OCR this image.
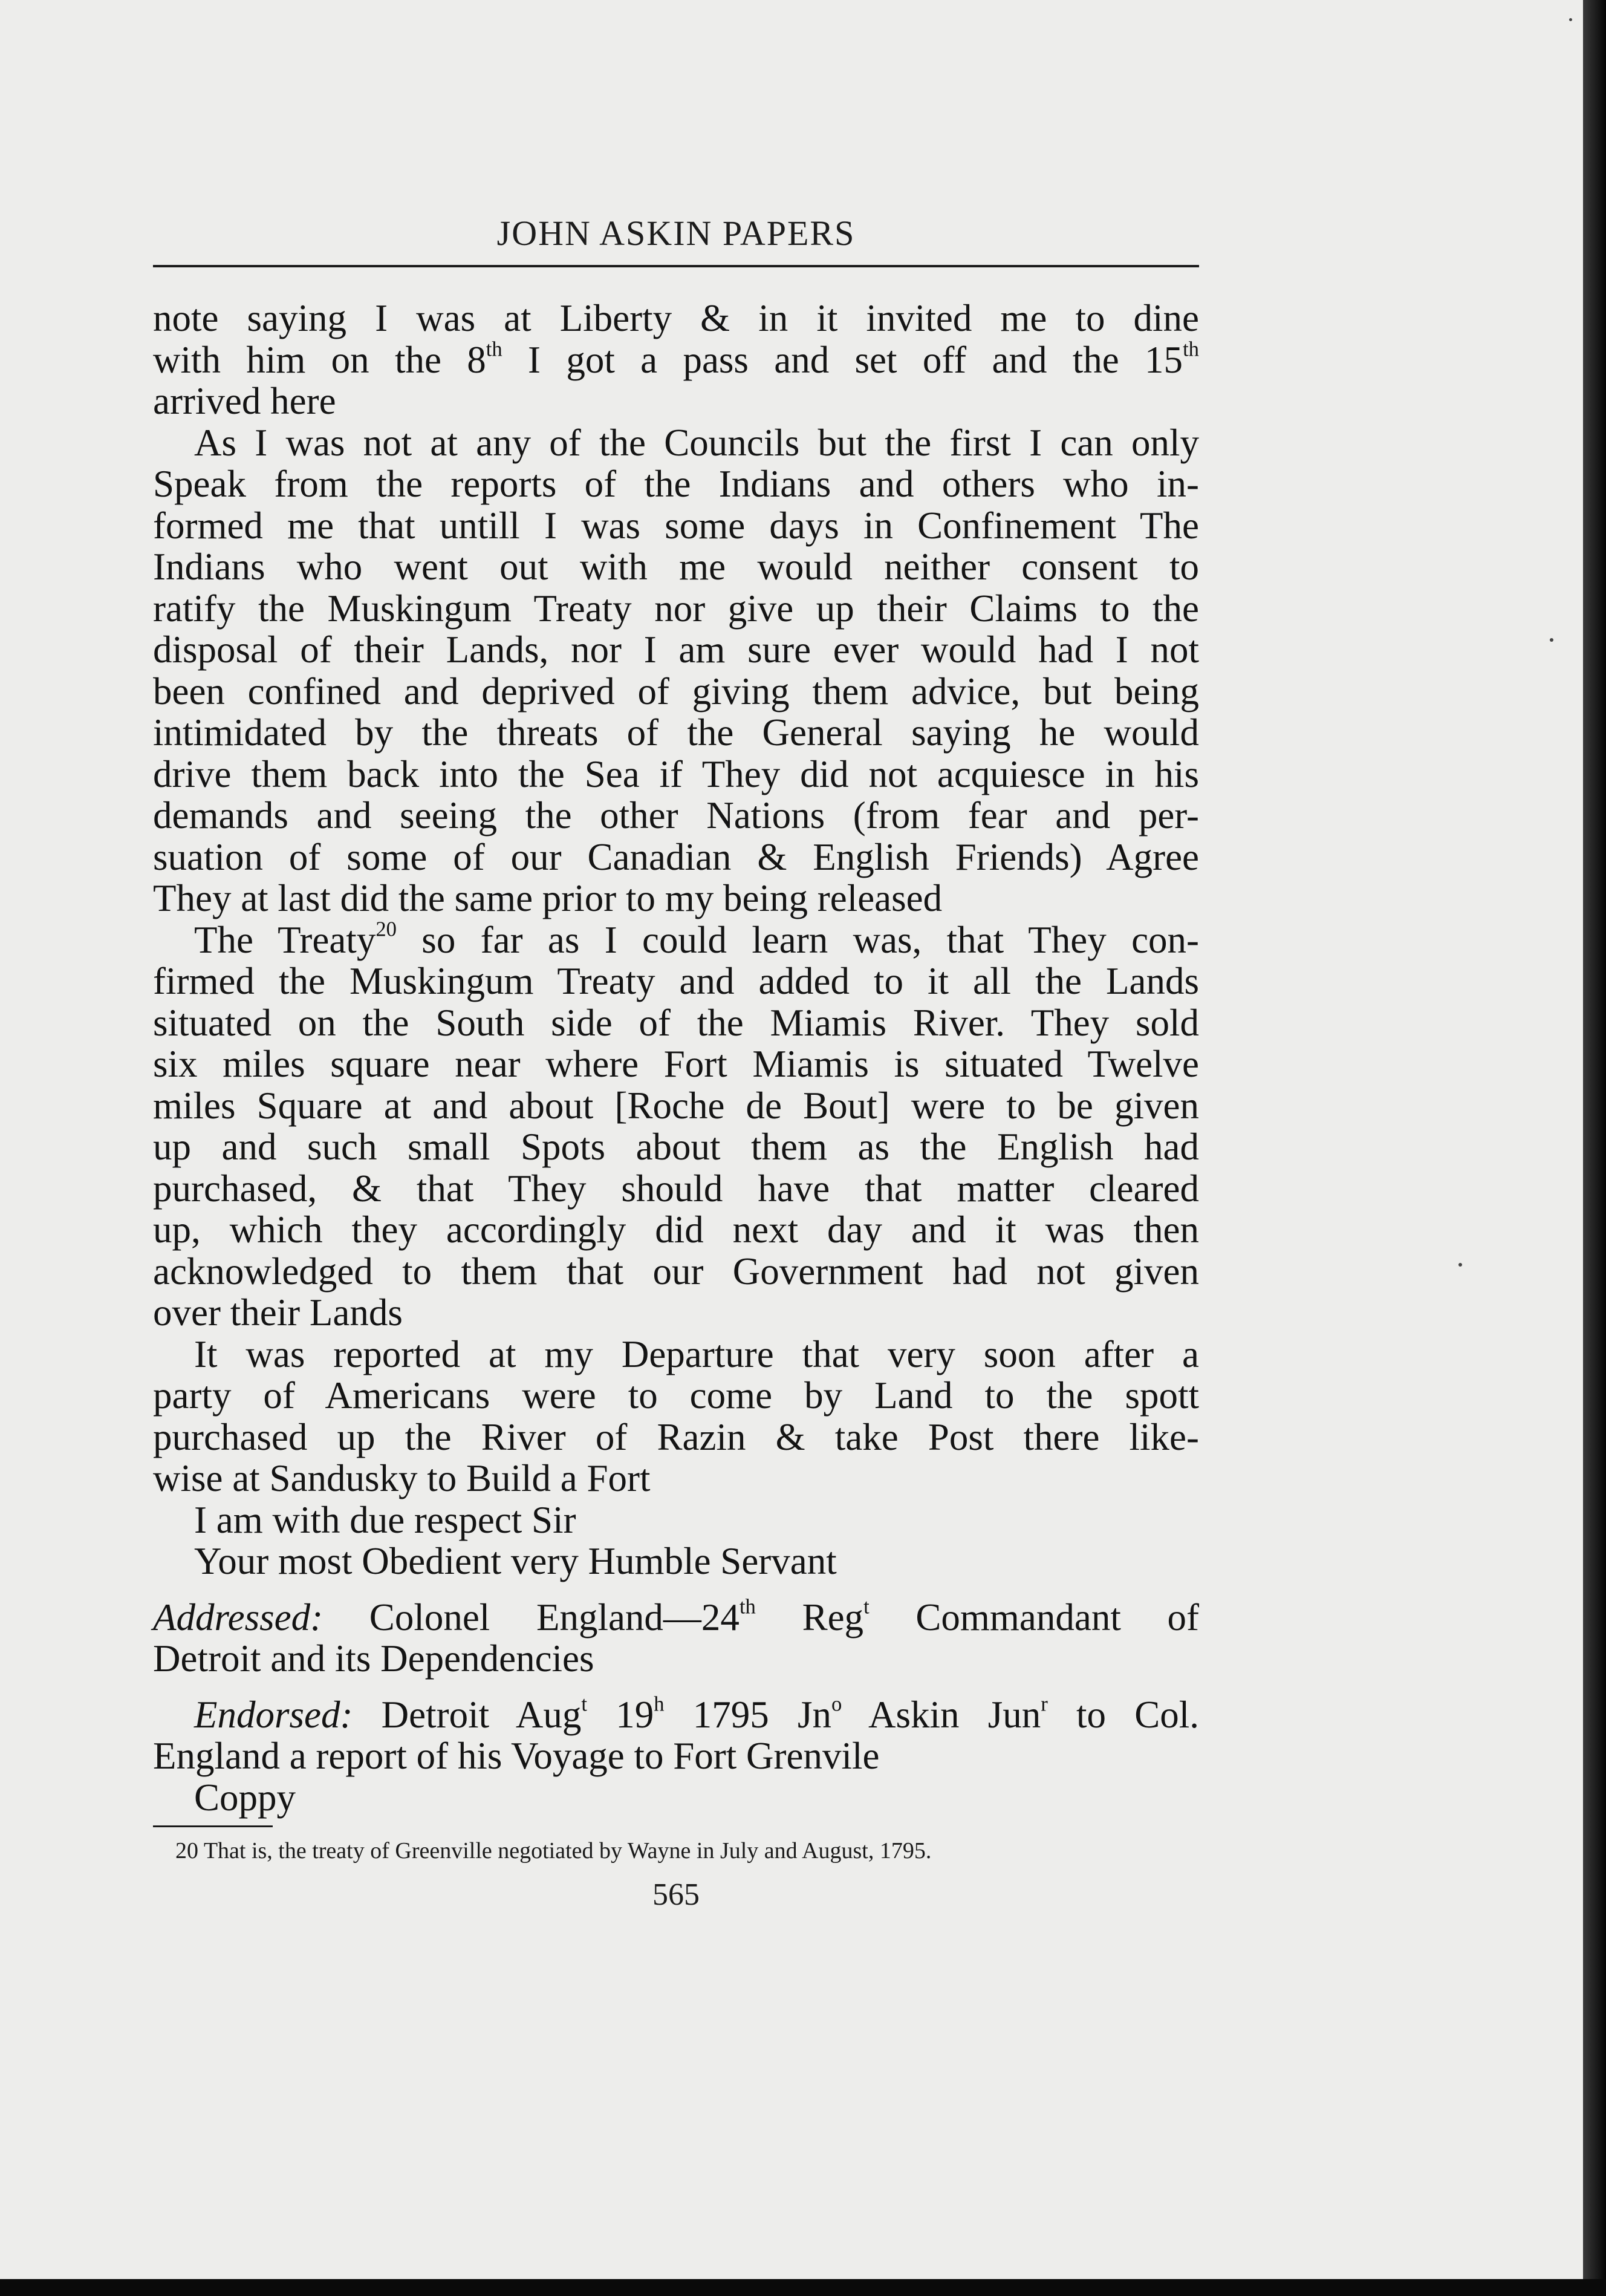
JOHN ASKIN PAPERS
note saying I was at Liberty & in it invited me to dine
with him on the 8th I got a pass and set off and the 15th
arrived here
As I was not at any of the Councils but the first I can only
Speak from the reports of the Indians and others who in-
formed me that untill I was some days in Confinement The
Indians who went out with me would neither consent to
ratify the Muskingum Treaty nor give up their Claims to the
disposal of their Lands, nor I am sure ever would had I not
been confined and deprived of giving them advice, but being
intimidated by the threats of the General saying he would
drive them back into the Sea if They did not acquiesce in his
demands and seeing the other Nations (from fear and per-
suation of some of our Canadian & English Friends) Agree
They at last did the same prior to my being released
The Treaty$^{20}$ so far as I could learn was, that They con-
firmed the Muskingum Treaty and added to it all the Lands
situated on the South side of the Miamis River. They sold
six miles square near where Fort Miamis is situated Twelve
miles Square at and about [Roche de Bout] were to be given
up and such small Spots about them as the English had
purchased, & that They should have that matter cleared
up, which they accordingly did next day and it was then
acknowledged to them that our Government had not given
over their Lands
It was reported at my Departure that very soon after a
party of Americans were to come by Land to the spott
purchased up the River of Razin & take Post there like-
wise at Sandusky to Build a Fort
I am with due respect Sir
Your most Obedient very Humble Servant
Addressed: Colonel England—24th Reg$^t$ Commandant of
Detroit and its Dependencies
Endorsed: Detroit Aug$^t$ 19$^h$ 1795 Jn$^o$ Askin Jun$^r$ to Col.
England a report of his Voyage to Fort Grenvile
Coppy
20 That is, the treaty of Greenville negotiated by Wayne in July and August, 1795.
565
